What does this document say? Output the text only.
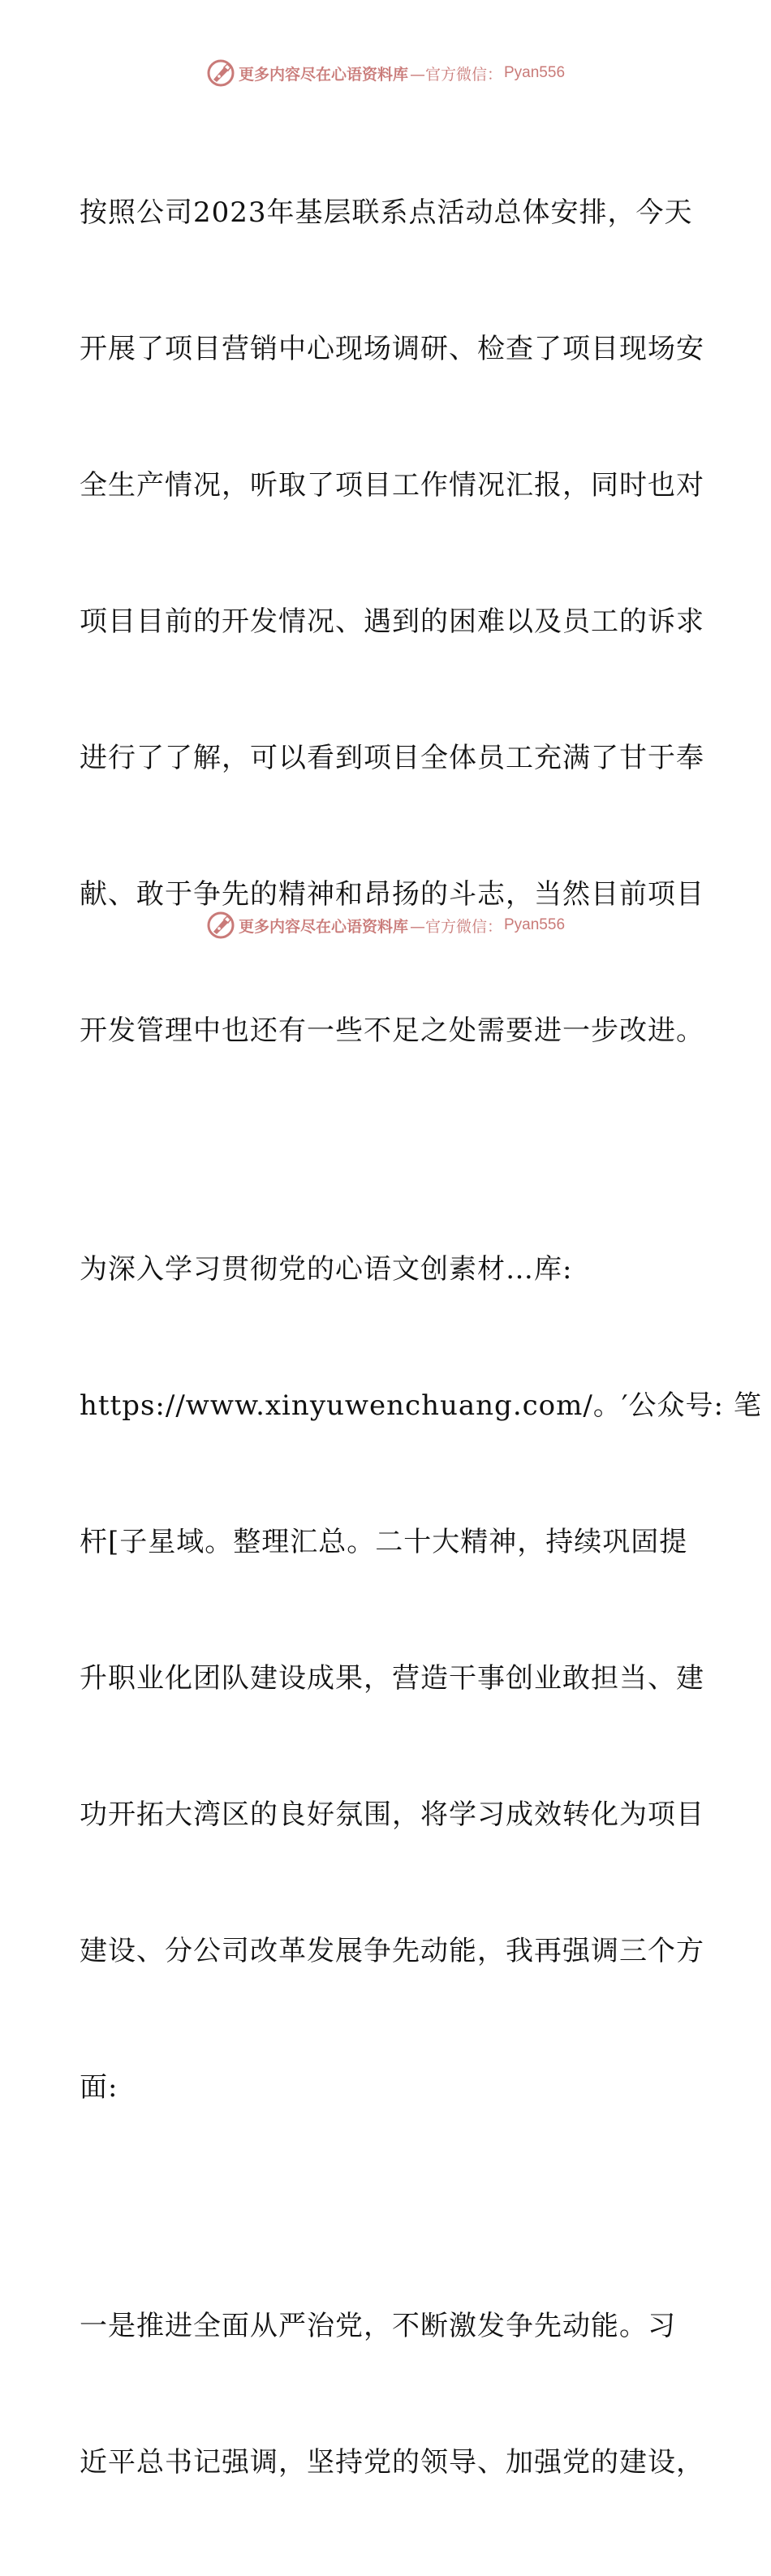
更多内容尽在心语资料库 —官方微信： Pyan556

按照公司2023年基层联系点活动总体安排，今天

开展了项目营销中心现场调研、检查了项目现场安

全生产情况，听取了项目工作情况汇报，同时也对

项目目前的开发情况、遇到的困难以及员工的诉求

进行了了解，可以看到项目全体员工充满了甘于奉

献、敢于争先的精神和昂扬的斗志，当然目前项目

开发管理中也还有一些不足之处需要进一步改进。

为深入学习贯彻党的心语文创素材…库:

https://www.xinyuwenchuang.com/。′公众号: 笔

杆[子星域。整理汇总。二十大精神，持续巩固提

升职业化团队建设成果，营造干事创业敢担当、建

功开拓大湾区的良好氛围，将学习成效转化为项目

建设、分公司改革发展争先动能，我再强调三个方

面:

一是推进全面从严治党，不断激发争先动能。习

近平总书记强调，坚持党的领导、加强党的建设，

更多内容尽在心语资料库 —官方微信： Pyan556
